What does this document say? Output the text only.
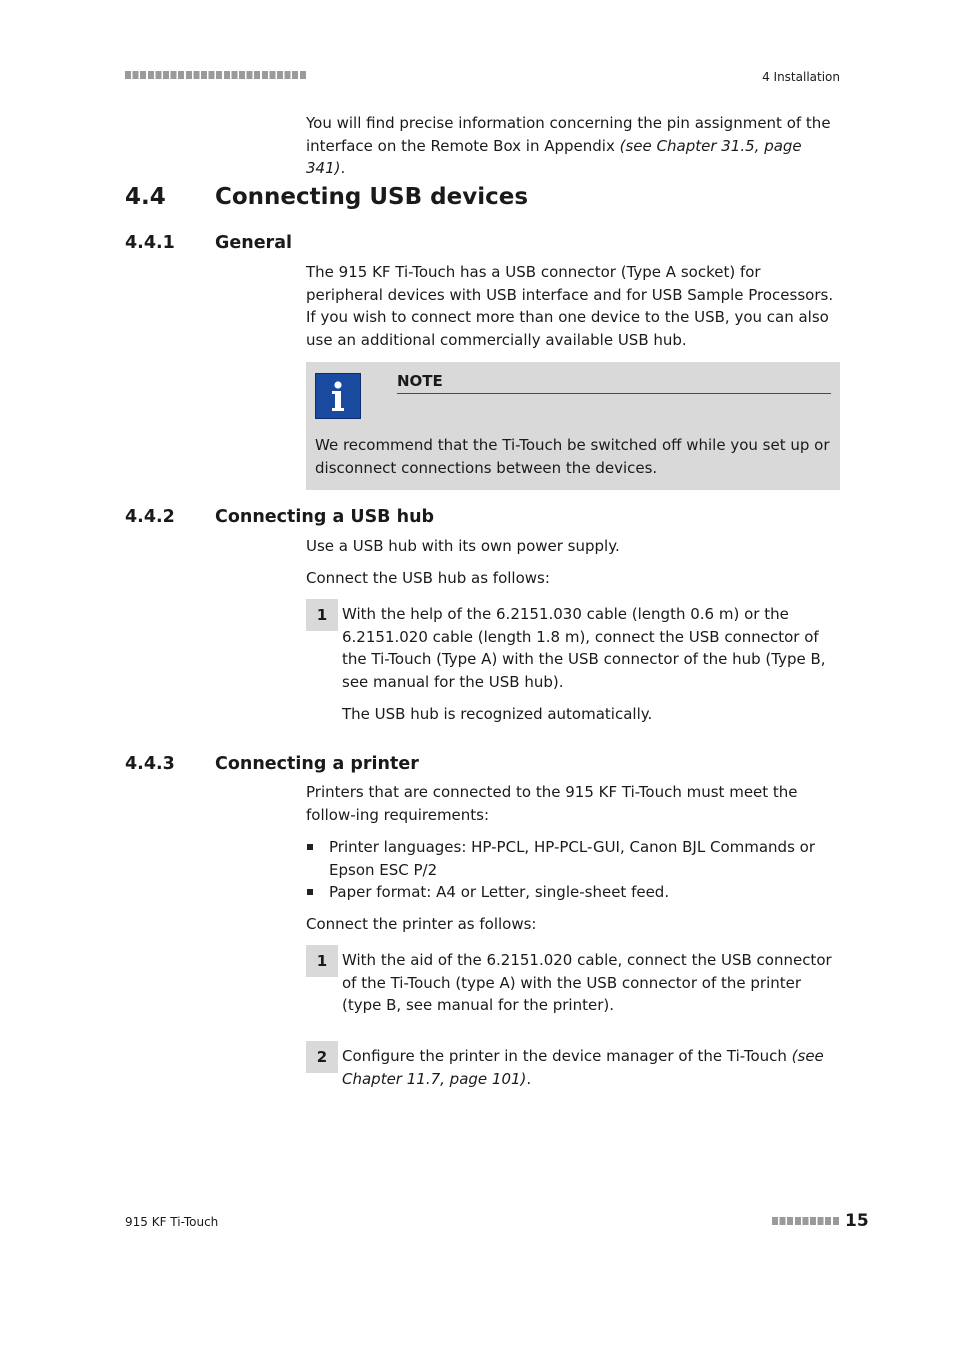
4 Installation
You will find precise information concerning the pin assignment of the interface on the Remote Box in Appendix (see Chapter 31.5, page 341).
4.4 Connecting USB devices
4.4.1 General
The 915 KF Ti-Touch has a USB connector (Type A socket) for peripheral devices with USB interface and for USB Sample Processors. If you wish to connect more than one device to the USB, you can also use an additional commercially available USB hub.
NOTE
We recommend that the Ti-Touch be switched off while you set up or disconnect connections between the devices.
4.4.2 Connecting a USB hub
Use a USB hub with its own power supply.
Connect the USB hub as follows:
1 With the help of the 6.2151.030 cable (length 0.6 m) or the 6.2151.020 cable (length 1.8 m), connect the USB connector of the Ti-Touch (Type A) with the USB connector of the hub (Type B, see manual for the USB hub).
The USB hub is recognized automatically.
4.4.3 Connecting a printer
Printers that are connected to the 915 KF Ti-Touch must meet the follow-ing requirements:
Printer languages: HP-PCL, HP-PCL-GUI, Canon BJL Commands or Epson ESC P/2
Paper format: A4 or Letter, single-sheet feed.
Connect the printer as follows:
1 With the aid of the 6.2151.020 cable, connect the USB connector of the Ti-Touch (type A) with the USB connector of the printer (type B, see manual for the printer).
2 Configure the printer in the device manager of the Ti-Touch (see Chapter 11.7, page 101).
915 KF Ti-Touch	15
